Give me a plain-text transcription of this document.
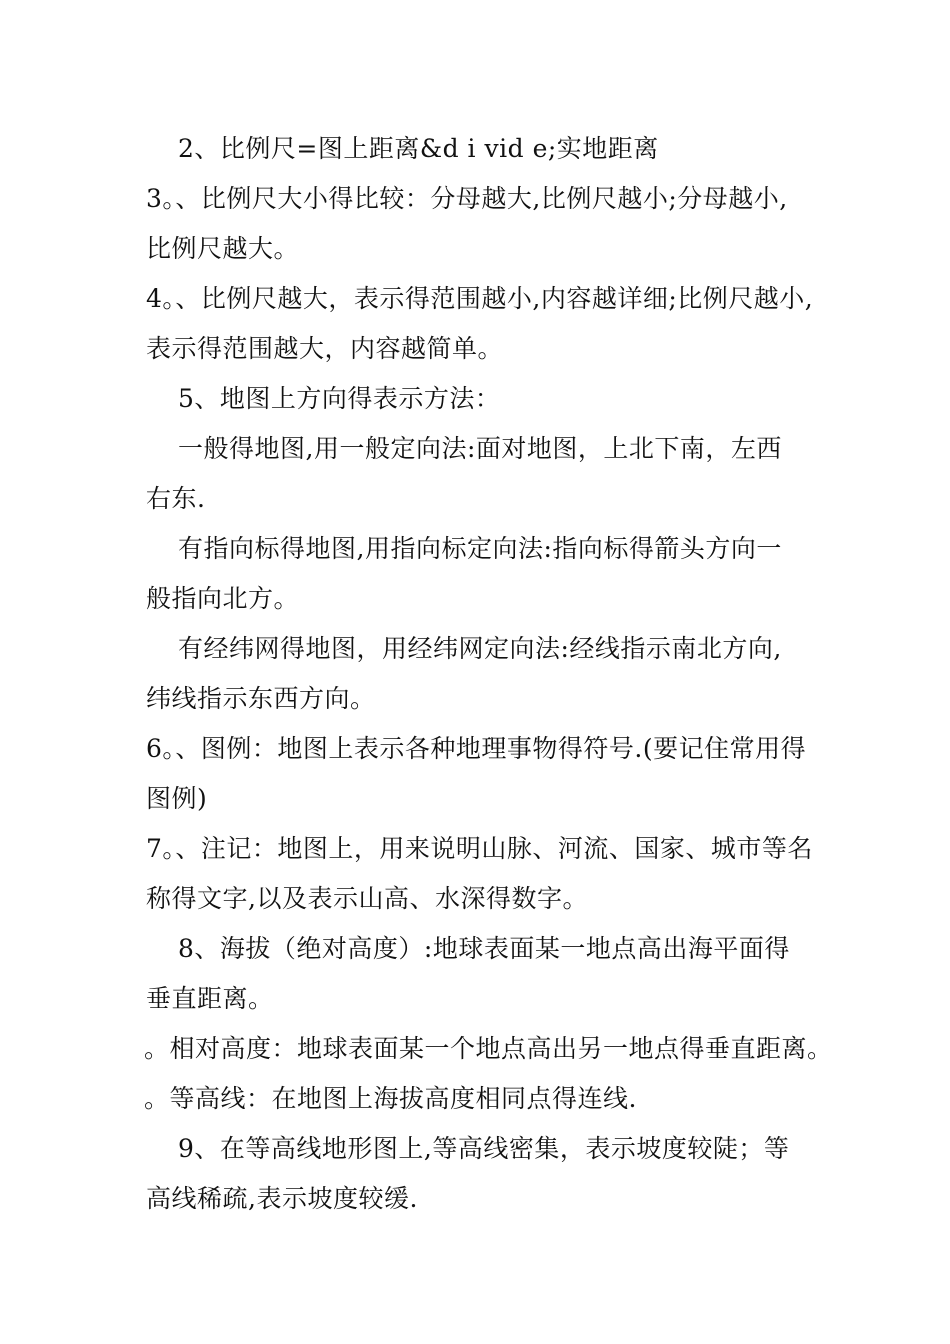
2、比例尺=图上距离&d i vid e;实地距离
3。、比例尺大小得比较：分母越大,比例尺越小;分母越小,
比例尺越大。
4。、比例尺越大，表示得范围越小,内容越详细;比例尺越小,
表示得范围越大，内容越简单。
5、地图上方向得表示方法：
一般得地图,用一般定向法:面对地图，上北下南，左西
右东.
有指向标得地图,用指向标定向法:指向标得箭头方向一
般指向北方。
有经纬网得地图，用经纬网定向法:经线指示南北方向,
纬线指示东西方向。
6。、图例：地图上表示各种地理事物得符号.(要记住常用得
图例)
7。、注记：地图上，用来说明山脉、河流、国家、城市等名
称得文字,以及表示山高、水深得数字。
8、海拔（绝对高度）:地球表面某一地点高出海平面得
垂直距离。
。相对高度：地球表面某一个地点高出另一地点得垂直距离。
。等高线：在地图上海拔高度相同点得连线.
9、在等高线地形图上,等高线密集，表示坡度较陡；等
高线稀疏,表示坡度较缓.
